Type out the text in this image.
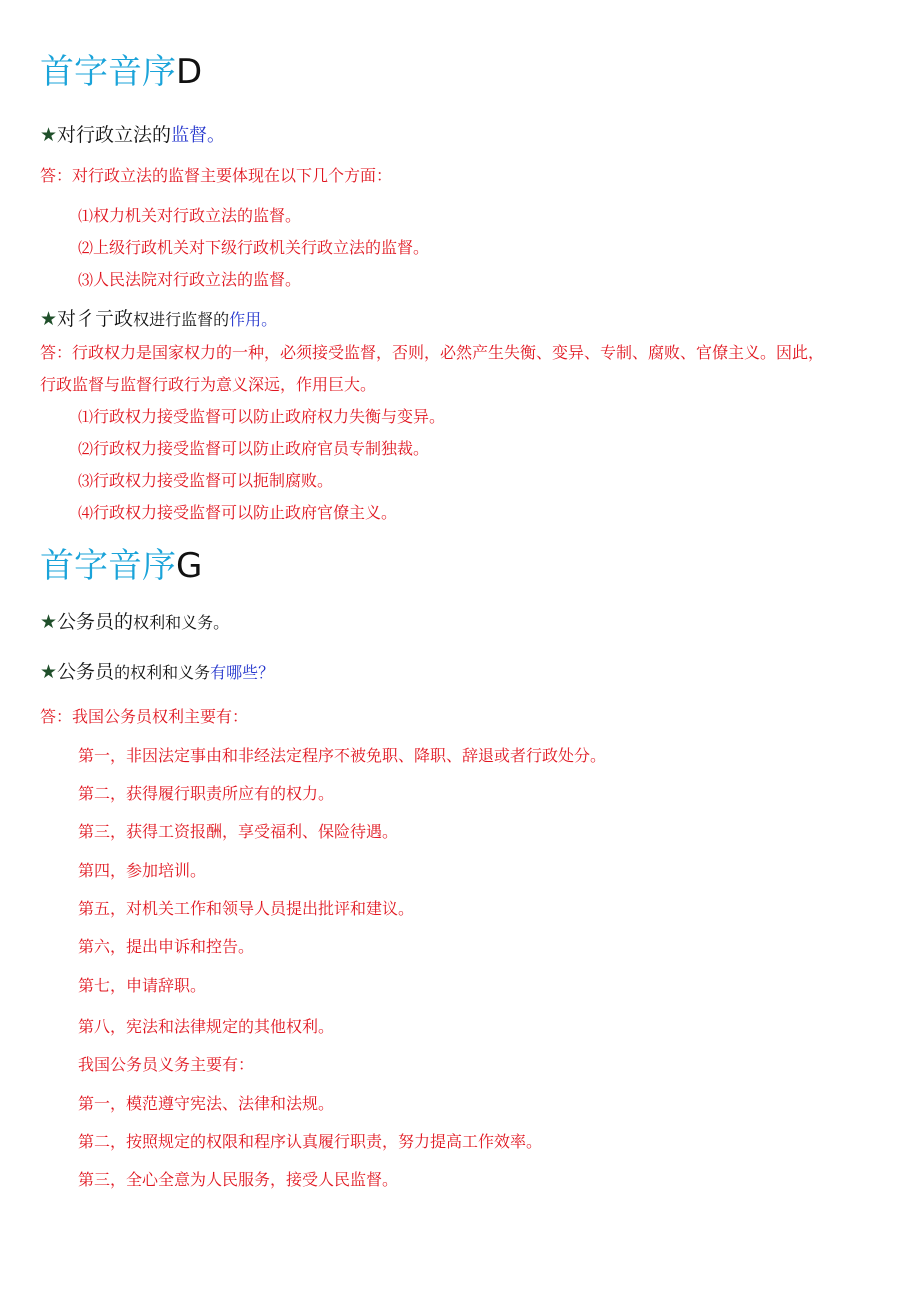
首字音序D
★对行政立法的监督。
答：对行政立法的监督主要体现在以下几个方面：
⑴权力机关对行政立法的监督。
⑵上级行政机关对下级行政机关行政立法的监督。
⑶人民法院对行政立法的监督。
★对彳亍政权进行监督的作用。
答：行政权力是国家权力的一种，必须接受监督，否则，必然产生失衡、变异、专制、腐败、官僚主义。因此，
行政监督与监督行政行为意义深远，作用巨大。
⑴行政权力接受监督可以防止政府权力失衡与变异。
⑵行政权力接受监督可以防止政府官员专制独裁。
⑶行政权力接受监督可以扼制腐败。
⑷行政权力接受监督可以防止政府官僚主义。
首字音序G
★公务员的权利和义务。
★公务员的权利和义务有哪些？
答：我国公务员权利主要有：
第一，非因法定事由和非经法定程序不被免职、降职、辞退或者行政处分。
第二，获得履行职责所应有的权力。
第三，获得工资报酬，享受福利、保险待遇。
第四，参加培训。
第五，对机关工作和领导人员提出批评和建议。
第六，提出申诉和控告。
第七，申请辞职。
第八，宪法和法律规定的其他权利。
我国公务员义务主要有：
第一，模范遵守宪法、法律和法规。
第二，按照规定的权限和程序认真履行职责，努力提高工作效率。
第三，全心全意为人民服务，接受人民监督。
